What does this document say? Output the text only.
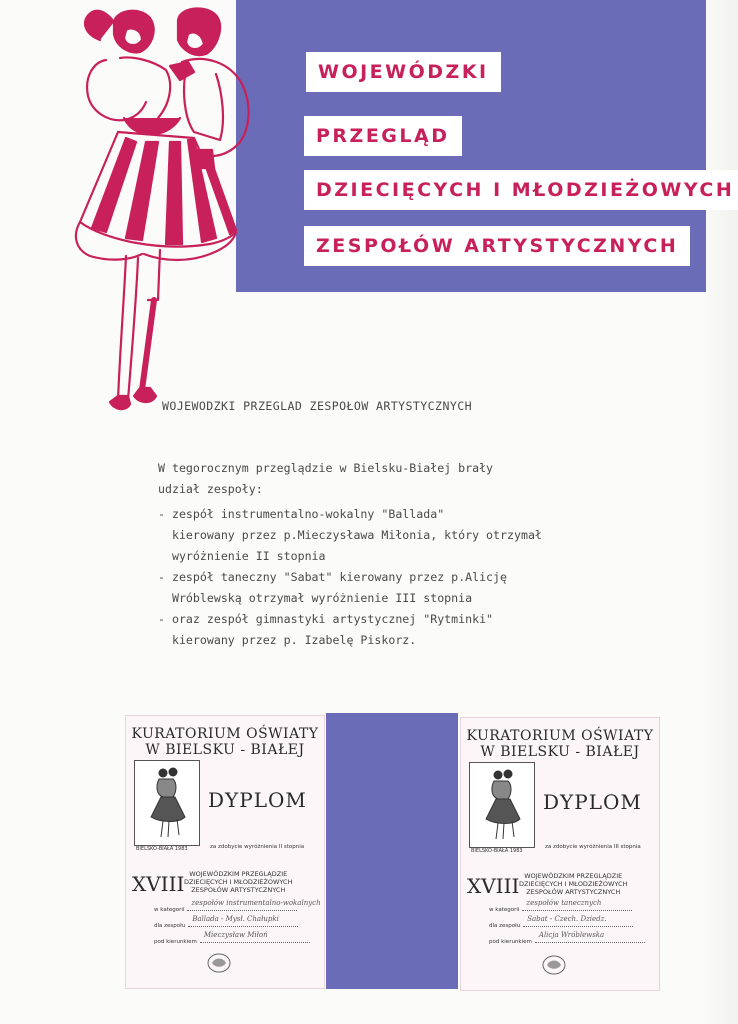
WOJEWÓDZKI
PRZEGLĄD
DZIECIĘCYCH I MŁODZIEŻOWYCH
ZESPOŁÓW ARTYSTYCZNYCH
WOJEWODZKI PRZEGLAD ZESPOŁOW ARTYSTYCZNYCH
W tegorocznym przeglądzie w Bielsku-Białej brały
udział zespoły:
- zespół instrumentalno-wokalny "Ballada"
kierowany przez p.Mieczysława Miłonia, który otrzymał
wyróżnienie II stopnia
- zespół taneczny "Sabat" kierowany przez p.Alicję
Wróblewską otrzymał wyróżnienie III stopnia
- oraz zespół gimnastyki artystycznej "Rytminki"
kierowany przez p. Izabelę Piskorz.
KURATORIUM OŚWIATY
W BIELSKU - BIAŁEJ
BIELSKO-BIAŁA 1983
DYPLOM
za zdobycie wyróżnienia II stopnia
XVIII WOJEWÓDZKIM PRZEGLĄDZIE
DZIECIĘCYCH I MŁODZIEŻOWYCH
ZESPOŁÓW ARTYSTYCZNYCH
w kategorii
zespołów instrumentalno-wokalnych
dla zespołu
Ballada - Mysł. Chałupki
pod kierunkiem
Mieczysław Miłoń
KURATORIUM OŚWIATY
W BIELSKU - BIAŁEJ
BIELSKO-BIAŁA 1983
DYPLOM
za zdobycie wyróżnienia III stopnia
XVIII WOJEWÓDZKIM PRZEGLĄDZIE
DZIECIĘCYCH I MŁODZIEŻOWYCH
ZESPOŁÓW ARTYSTYCZNYCH
w kategorii
zespołów tanecznych
dla zespołu
Sabat - Czech. Dziedz.
pod kierunkiem
Alicja Wróblewska
